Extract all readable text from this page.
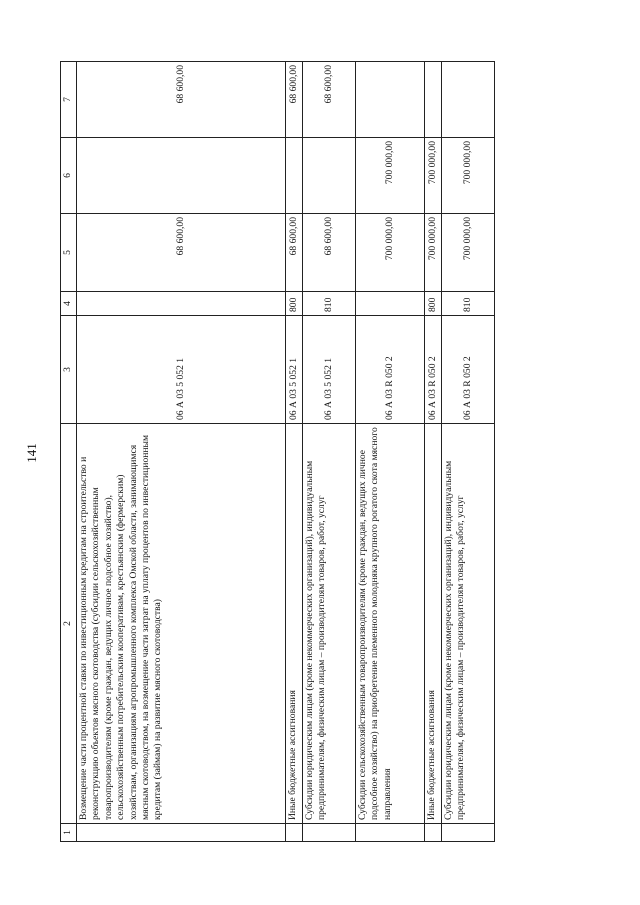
141
1	2	3	4	5	6	7
	Возмещение части процентной ставки по инвестиционным кредитам на строительство и реконструкцию объектов мясного скотоводства (субсидии сельскохозяйственным товаропроизводителям (кроме граждан, ведущих личное подсобное хозяйство), сельскохозяйственным потребительским кооперативам, крестьянским (фермерским) хозяйствам, организациям агропромышленного комплекса Омской области, занимающимся мясным скотоводством, на возмещение части затрат на уплату процентов по инвестиционным кредитам (займам) на развитие мясного скотоводства)	06 А 03 5 052 1		68 600,00		68 600,00
	Иные бюджетные ассигнования	06 А 03 5 052 1	800	68 600,00		68 600,00
	Субсидии юридическим лицам (кроме некоммерческих организаций), индивидуальным предпринимателям, физическим лицам – производителям товаров, работ, услуг	06 А 03 5 052 1	810	68 600,00		68 600,00
	Субсидии сельскохозяйственным товаропроизводителям (кроме граждан, ведущих личное подсобное хозяйство) на приобретение племенного молодняка крупного рогатого скота мясного направления	06 А 03 R 050 2		700 000,00	700 000,00	
	Иные бюджетные ассигнования	06 А 03 R 050 2	800	700 000,00	700 000,00	
	Субсидии юридическим лицам (кроме некоммерческих организаций), индивидуальным предпринимателям, физическим лицам – производителям товаров, работ, услуг	06 А 03 R 050 2	810	700 000,00	700 000,00	
